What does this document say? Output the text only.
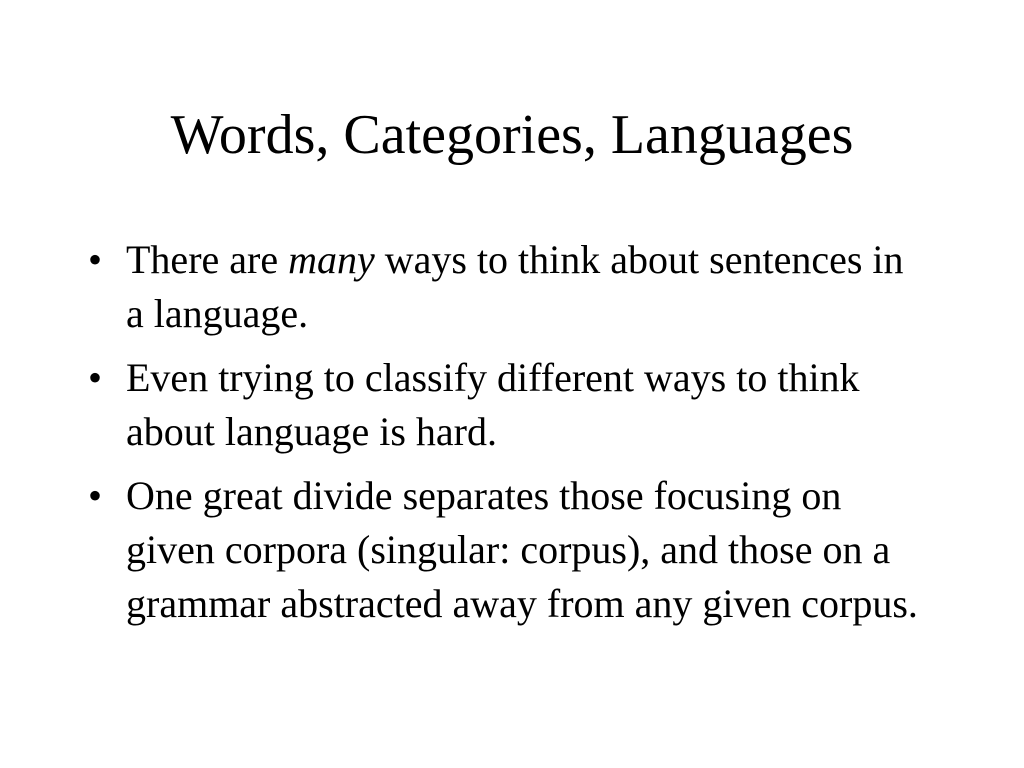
Words, Categories, Languages
• There are many ways to think about sentences in a language.
• Even trying to classify different ways to think about language is hard.
• One great divide separates those focusing on given corpora (singular: corpus), and those on a grammar abstracted away from any given corpus.
